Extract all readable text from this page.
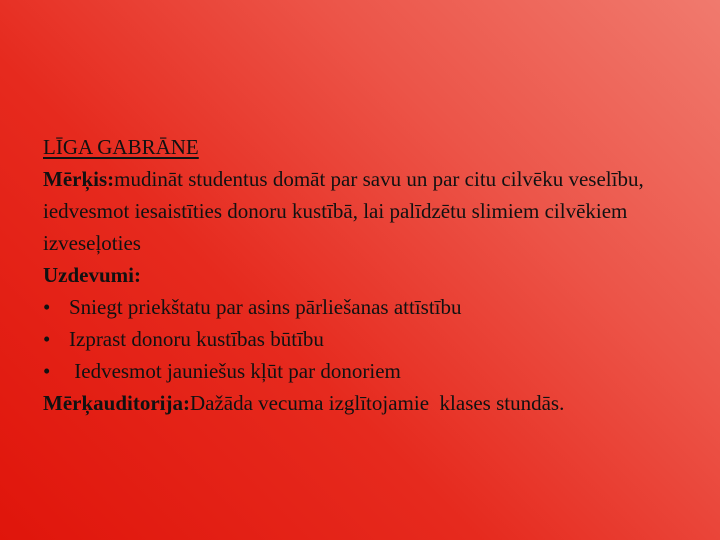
LĪGA GABRĀNE
Mērķis:mudināt studentus domāt par savu un par citu cilvēku veselību, iedvesmot iesaistīties donoru kustībā, lai palīdzētu slimiem cilvēkiem izveseļoties
Uzdevumi:
• Sniegt priekštatu par asins pārliešanas attīstību
• Izprast donoru kustības būtību
• Iedvesmot jauniešus kļūt par donoriem
Mērķauditorija:Dažāda vecuma izglītojamie  klases stundās.
